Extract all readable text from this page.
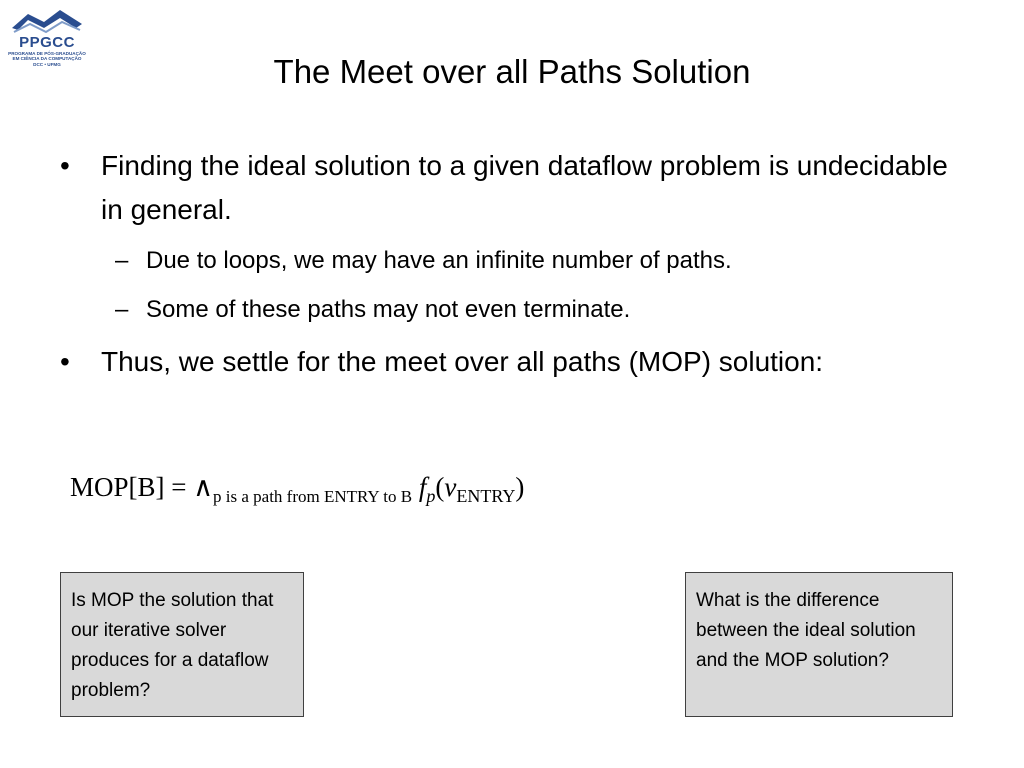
PPGCC
PROGRAMA DE PÓS-GRADUAÇÃO
EM CIÊNCIA DA COMPUTAÇÃO
DCC • UFMG	The Meet over all Paths Solution
•	Finding the ideal solution to a given dataflow problem is undecidable in general.
– Due to loops, we may have an infinite number of paths.
– Some of these paths may not even terminate.
•	Thus, we settle for the meet over all paths (MOP) solution:
$MOP[B] = \wedge_{p is a path from ENTRY to B}$ $f_p(v_{ENTRY})$
Is MOP the solution that our iterative solver produces for a dataflow problem?
What is the difference between the ideal solution and the MOP solution?
